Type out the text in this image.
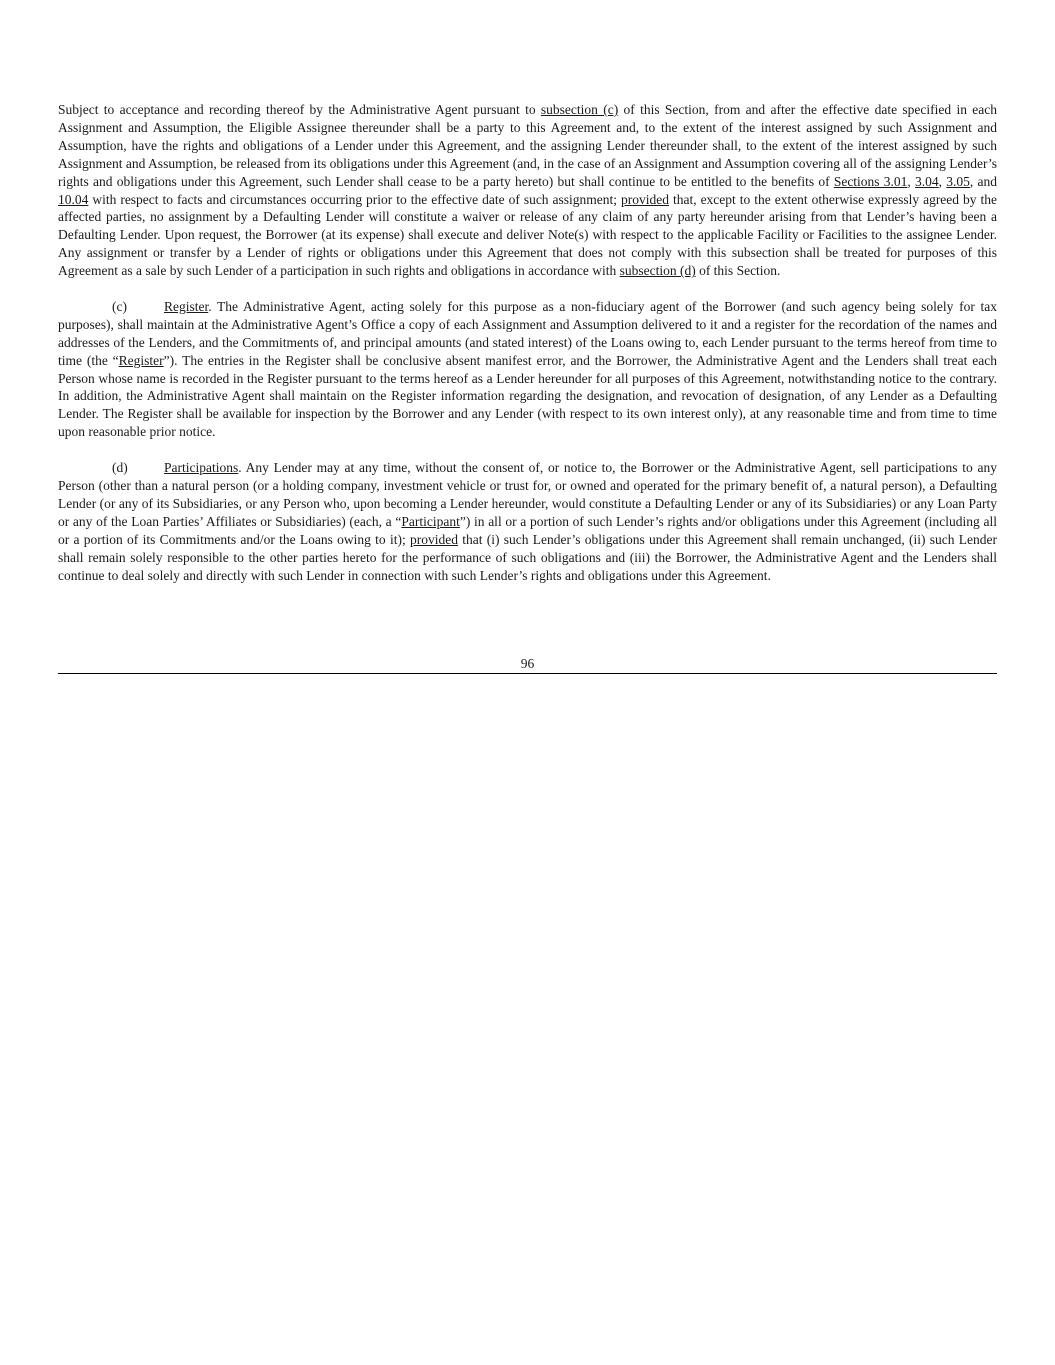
Subject to acceptance and recording thereof by the Administrative Agent pursuant to subsection (c) of this Section, from and after the effective date specified in each Assignment and Assumption, the Eligible Assignee thereunder shall be a party to this Agreement and, to the extent of the interest assigned by such Assignment and Assumption, have the rights and obligations of a Lender under this Agreement, and the assigning Lender thereunder shall, to the extent of the interest assigned by such Assignment and Assumption, be released from its obligations under this Agreement (and, in the case of an Assignment and Assumption covering all of the assigning Lender’s rights and obligations under this Agreement, such Lender shall cease to be a party hereto) but shall continue to be entitled to the benefits of Sections 3.01, 3.04, 3.05, and 10.04 with respect to facts and circumstances occurring prior to the effective date of such assignment; provided that, except to the extent otherwise expressly agreed by the affected parties, no assignment by a Defaulting Lender will constitute a waiver or release of any claim of any party hereunder arising from that Lender’s having been a Defaulting Lender. Upon request, the Borrower (at its expense) shall execute and deliver Note(s) with respect to the applicable Facility or Facilities to the assignee Lender. Any assignment or transfer by a Lender of rights or obligations under this Agreement that does not comply with this subsection shall be treated for purposes of this Agreement as a sale by such Lender of a participation in such rights and obligations in accordance with subsection (d) of this Section.

(c)	Register. The Administrative Agent, acting solely for this purpose as a non-fiduciary agent of the Borrower (and such agency being solely for tax purposes), shall maintain at the Administrative Agent’s Office a copy of each Assignment and Assumption delivered to it and a register for the recordation of the names and addresses of the Lenders, and the Commitments of, and principal amounts (and stated interest) of the Loans owing to, each Lender pursuant to the terms hereof from time to time (the “Register”). The entries in the Register shall be conclusive absent manifest error, and the Borrower, the Administrative Agent and the Lenders shall treat each Person whose name is recorded in the Register pursuant to the terms hereof as a Lender hereunder for all purposes of this Agreement, notwithstanding notice to the contrary. In addition, the Administrative Agent shall maintain on the Register information regarding the designation, and revocation of designation, of any Lender as a Defaulting Lender. The Register shall be available for inspection by the Borrower and any Lender (with respect to its own interest only), at any reasonable time and from time to time upon reasonable prior notice.

(d)	Participations. Any Lender may at any time, without the consent of, or notice to, the Borrower or the Administrative Agent, sell participations to any Person (other than a natural person (or a holding company, investment vehicle or trust for, or owned and operated for the primary benefit of, a natural person), a Defaulting Lender (or any of its Subsidiaries, or any Person who, upon becoming a Lender hereunder, would constitute a Defaulting Lender or any of its Subsidiaries) or any Loan Party or any of the Loan Parties’ Affiliates or Subsidiaries) (each, a “Participant”) in all or a portion of such Lender’s rights and/or obligations under this Agreement (including all or a portion of its Commitments and/or the Loans owing to it); provided that (i) such Lender’s obligations under this Agreement shall remain unchanged, (ii) such Lender shall remain solely responsible to the other parties hereto for the performance of such obligations and (iii) the Borrower, the Administrative Agent and the Lenders shall continue to deal solely and directly with such Lender in connection with such Lender’s rights and obligations under this Agreement.

96
